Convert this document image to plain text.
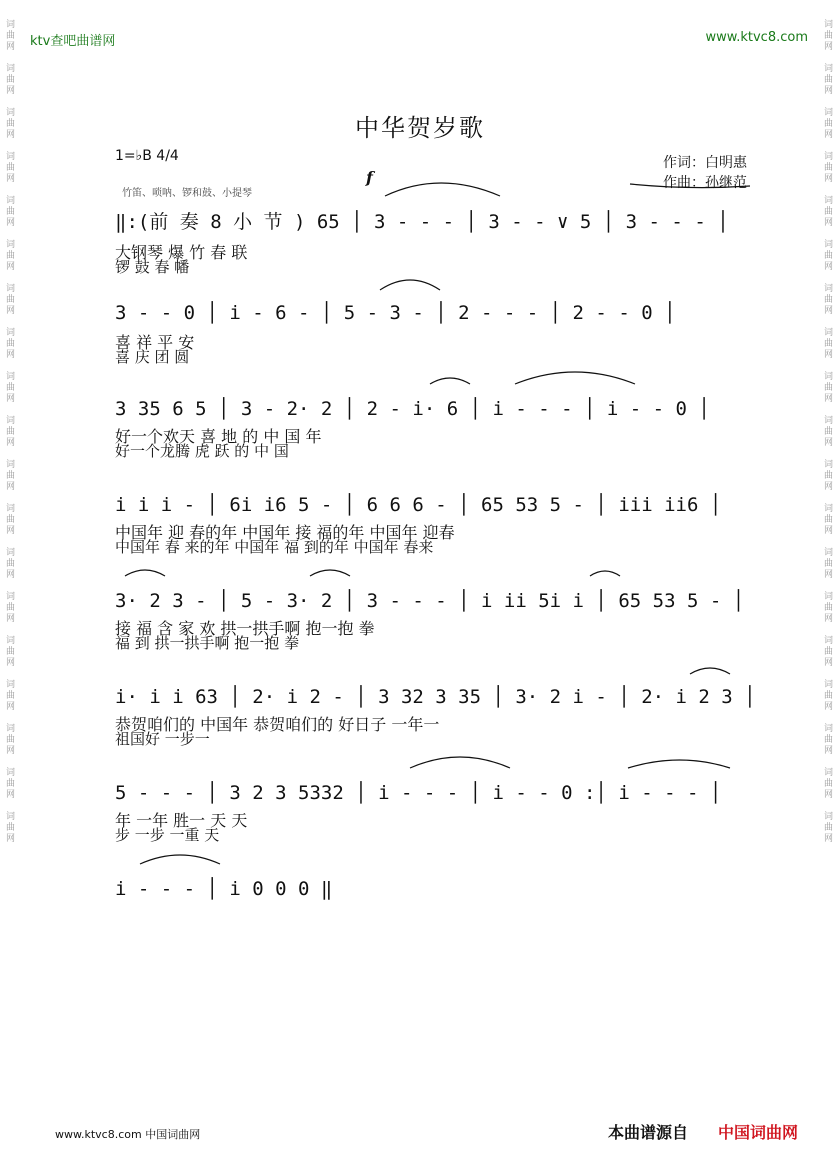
ktv查吧曲谱网	www.ktvc8.com
词
曲
网

词
曲
网

词
曲
网

词
曲
网

词
曲
网

词
曲
网

词
曲
网

词
曲
网

词
曲
网

词
曲
网

词
曲
网

词
曲
网

词
曲
网

词
曲
网

词
曲
网

词
曲
网

词
曲
网

词
曲
网

词
曲
网

词
曲
网

词
曲
网

词
曲
网

词
曲
网

词
曲
网

词
曲
网

词
曲
网

词
曲
网

词
曲
网

词
曲
网

词
曲
网

词
曲
网

词
曲
网

词
曲
网

词
曲
网

词
曲
网

词
曲
网

词
曲
网

词
曲
网

中华贺岁歌
1=♭B 4/4	作词：白明惠
作曲：孙继范
竹笛、唢呐、锣和鼓、小提琴
f
‖:(前 奏 8 小 节 ) 65 │ 3 - - - │ 3 - - ∨ 5 │ 3 - - - │
大钢琴 爆 竹 春 联
锣 鼓 春 幡
3 - - 0 │ i - 6 - │ 5 - 3 - │ 2 - - - │ 2 - - 0 │
喜 祥 平 安
喜 庆 团 圆
3 35 6 5 │ 3 - 2· 2 │ 2 - i· 6 │ i - - - │ i - - 0 │
好一个欢天 喜 地 的 中 国 年
好一个龙腾 虎 跃 的 中 国
i i i - │ 6i i6 5 - │ 6 6 6 - │ 65 53 5 - │ iii ii6 │
中国年 迎 春的年 中国年 接 福的年 中国年 迎春
中国年 春 来的年 中国年 福 到的年 中国年 春来
3· 2 3 - │ 5 - 3· 2 │ 3 - - - │ i ii 5i i │ 65 53 5 - │
接 福 含 家 欢 拱一拱手啊 抱一抱 拳
福 到 拱一拱手啊 抱一抱 拳
i· i i 63 │ 2· i 2 - │ 3 32 3 35 │ 3· 2 i - │ 2· i 2 3 │
恭贺咱们的 中国年 恭贺咱们的 好日子 一年一
祖国好 一步一
5 - - - │ 3 2 3 5332 │ i - - - │ i - - 0 :│ i - - - │
年 一年 胜一 天 天
步 一步 一重 天
i - - - │ i 0 0 0 ‖
www.ktvc8.com 中国词曲网	本曲谱源自 中国词曲网
